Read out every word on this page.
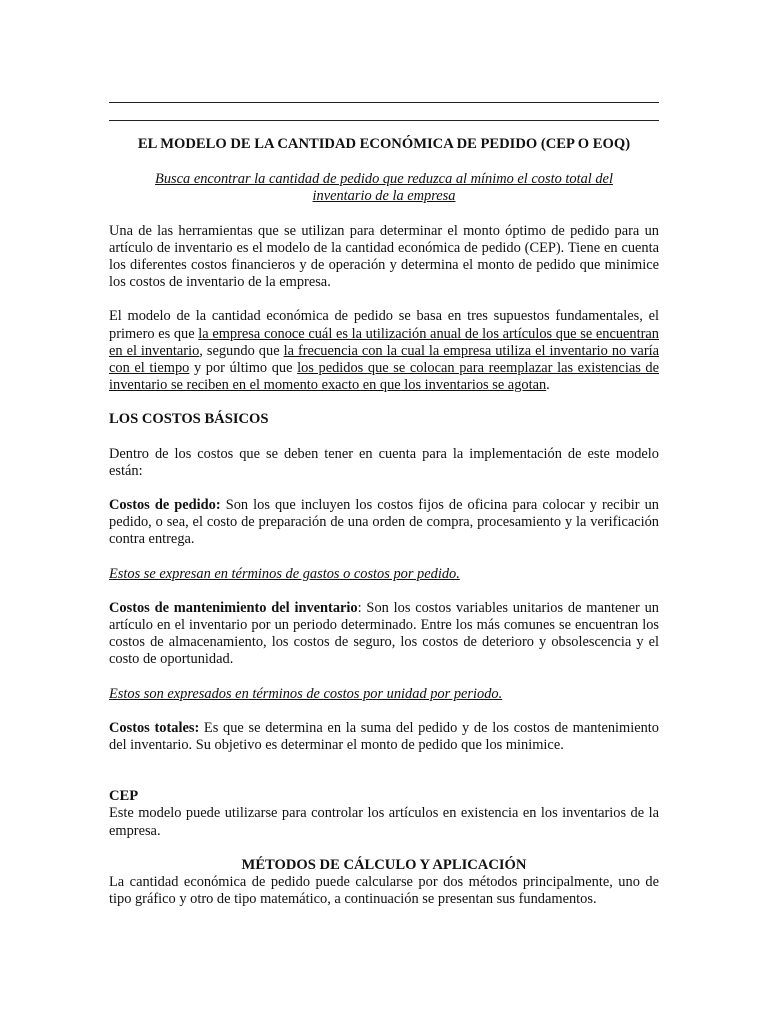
EL MODELO DE LA CANTIDAD ECONÓMICA DE PEDIDO (CEP O EOQ)

Busca encontrar la cantidad de pedido que reduzca al mínimo el costo total del
inventario de la empresa

Una de las herramientas que se utilizan para determinar el monto óptimo de pedido para un artículo de inventario es el modelo de la cantidad económica de pedido (CEP). Tiene en cuenta los diferentes costos financieros y de operación y determina el monto de pedido que minimice los costos de inventario de la empresa.

El modelo de la cantidad económica de pedido se basa en tres supuestos fundamentales, el primero es que la empresa conoce cuál es la utilización anual de los artículos que se encuentran en el inventario, segundo que la frecuencia con la cual la empresa utiliza el inventario no varía con el tiempo y por último que los pedidos que se colocan para reemplazar las existencias de inventario se reciben en el momento exacto en que los inventarios se agotan.

LOS COSTOS BÁSICOS

Dentro de los costos que se deben tener en cuenta para la implementación de este modelo están:

Costos de pedido: Son los que incluyen los costos fijos de oficina para colocar y recibir un pedido, o sea, el costo de preparación de una orden de compra, procesamiento y la verificación contra entrega.

Estos se expresan en términos de gastos o costos por pedido.

Costos de mantenimiento del inventario: Son los costos variables unitarios de mantener un artículo en el inventario por un periodo determinado. Entre los más comunes se encuentran los costos de almacenamiento, los costos de seguro, los costos de deterioro y obsolescencia y el costo de oportunidad.

Estos son expresados en términos de costos por unidad por periodo.

Costos totales: Es que se determina en la suma del pedido y de los costos de mantenimiento del inventario. Su objetivo es determinar el monto de pedido que los minimice.

CEP

Este modelo puede utilizarse para controlar los artículos en existencia en los inventarios de la empresa.

MÉTODOS DE CÁLCULO Y APLICACIÓN

La cantidad económica de pedido puede calcularse por dos métodos principalmente, uno de tipo gráfico y otro de tipo matemático, a continuación se presentan sus fundamentos.
